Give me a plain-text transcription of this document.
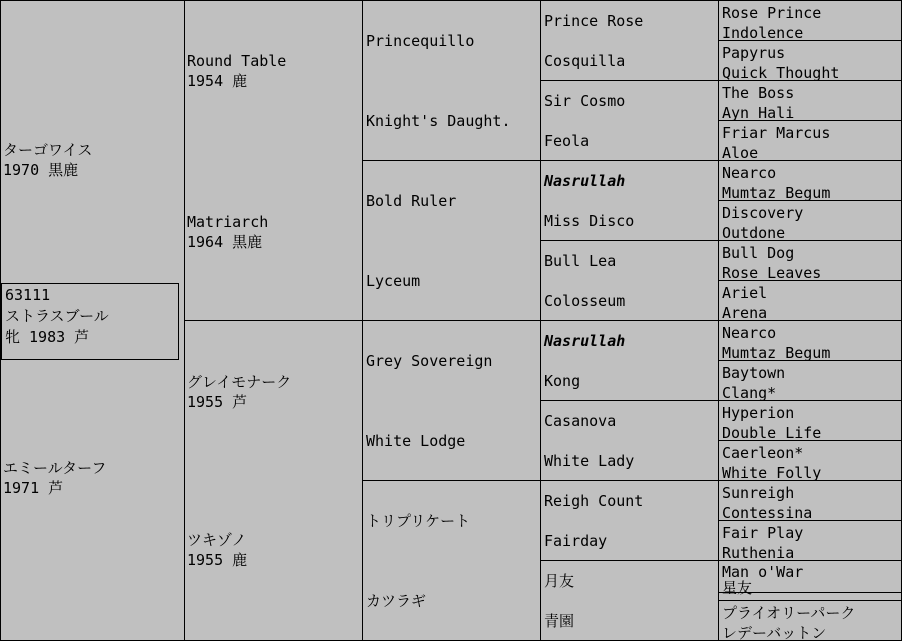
ターゴワイス
1970 黒鹿
63111
ストラスブール
牝 1983 芦
エミールターフ
1971 芦
Round Table
1954 鹿
Matriarch
1964 黒鹿
グレイモナーク
1955 芦
ツキゾノ
1955 鹿
Princequillo
Knight's Daught.
Bold Ruler
Lyceum
Grey Sovereign
White Lodge
トリプリケート
カツラギ
Prince Rose
Cosquilla
Sir Cosmo
Feola
Nasrullah
Miss Disco
Bull Lea
Colosseum
Nasrullah
Kong
Casanova
White Lady
Reigh Count
Fairday
月友
青園
Rose Prince
Indolence
Papyrus
Quick Thought
The Boss
Ayn Hali
Friar Marcus
Aloe
Nearco
Mumtaz Begum
Discovery
Outdone
Bull Dog
Rose Leaves
Ariel
Arena
Nearco
Mumtaz Begum
Baytown
Clang*
Hyperion
Double Life
Caerleon*
White Folly
Sunreigh
Contessina
Fair Play
Ruthenia
Man o'War
星友
プライオリーパーク
レデーバットン
